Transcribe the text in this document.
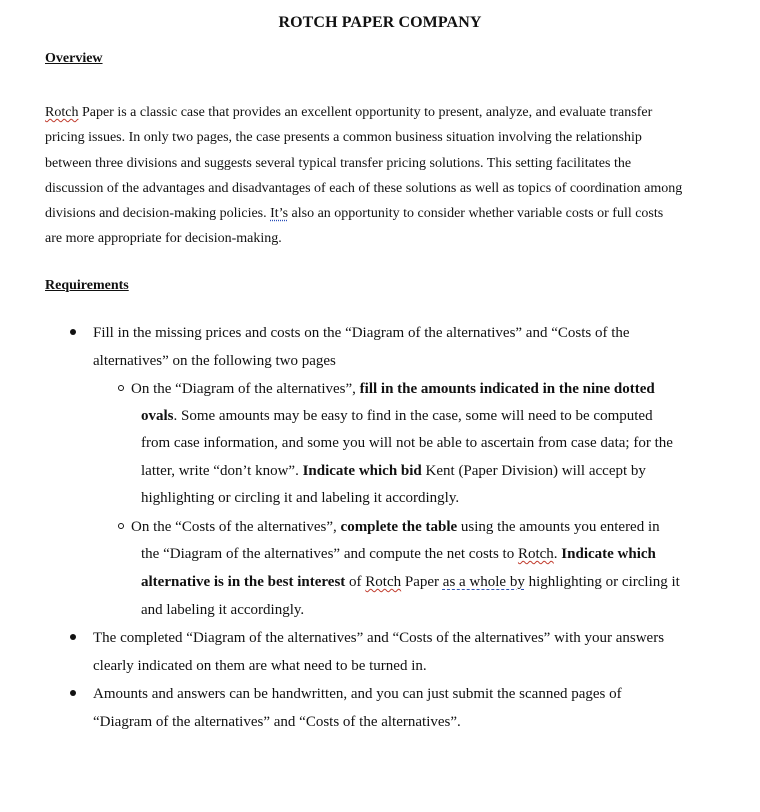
ROTCH PAPER COMPANY
Overview
Rotch Paper is a classic case that provides an excellent opportunity to present, analyze, and evaluate transfer
pricing issues. In only two pages, the case presents a common business situation involving the relationship
between three divisions and suggests several typical transfer pricing solutions. This setting facilitates the
discussion of the advantages and disadvantages of each of these solutions as well as topics of coordination among
divisions and decision-making policies. It’s also an opportunity to consider whether variable costs or full costs
are more appropriate for decision-making.
Requirements
Fill in the missing prices and costs on the “Diagram of the alternatives” and “Costs of the
alternatives” on the following two pages
On the “Diagram of the alternatives”, fill in the amounts indicated in the nine dotted
ovals. Some amounts may be easy to find in the case, some will need to be computed
from case information, and some you will not be able to ascertain from case data; for the
latter, write “don’t know”. Indicate which bid Kent (Paper Division) will accept by
highlighting or circling it and labeling it accordingly.
On the “Costs of the alternatives”, complete the table using the amounts you entered in
the “Diagram of the alternatives” and compute the net costs to Rotch. Indicate which
alternative is in the best interest of Rotch Paper as a whole by highlighting or circling it
and labeling it accordingly.
The completed “Diagram of the alternatives” and “Costs of the alternatives” with your answers
clearly indicated on them are what need to be turned in.
Amounts and answers can be handwritten, and you can just submit the scanned pages of
“Diagram of the alternatives” and “Costs of the alternatives”.
